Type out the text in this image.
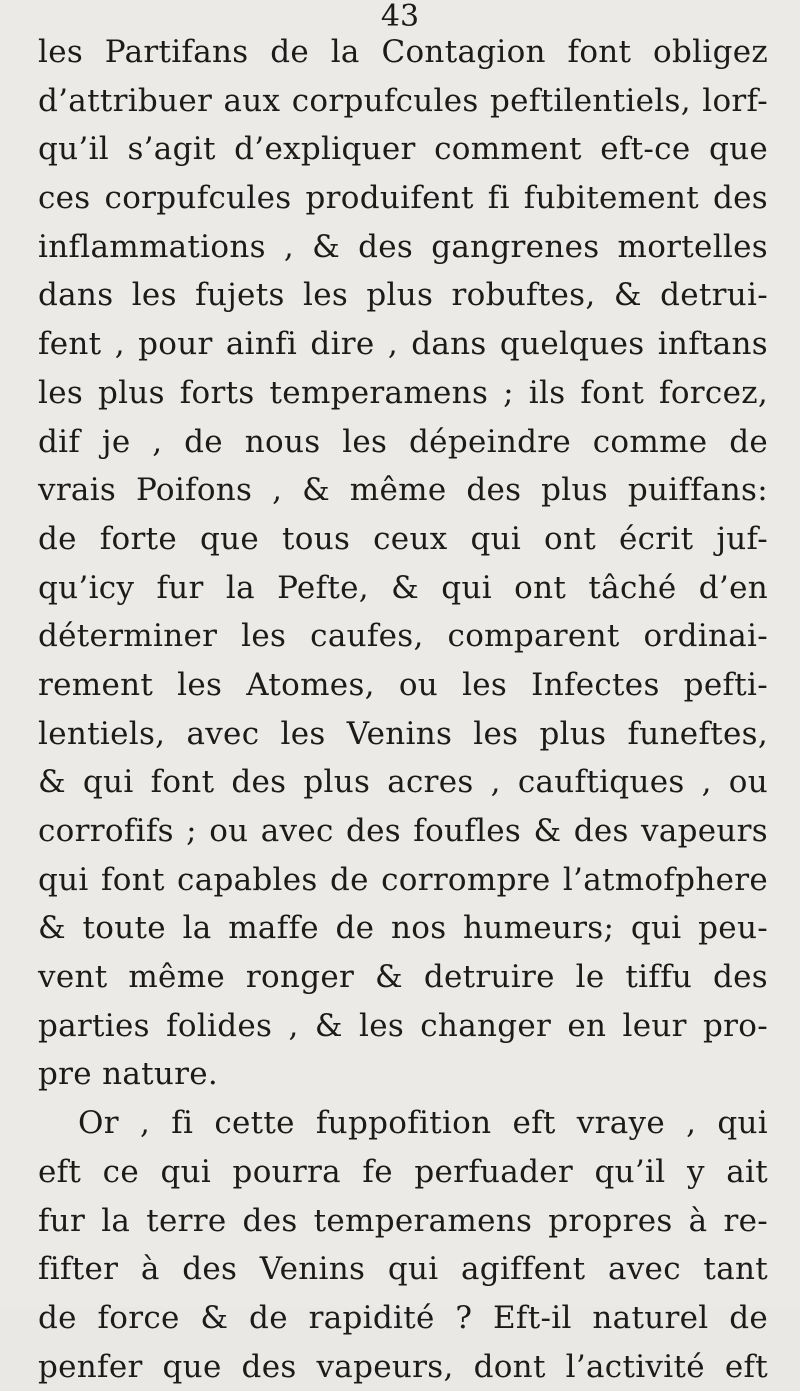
43
les Partifans de la Contagion font obligez
d’attribuer aux corpufcules peftilentiels, lorf-
qu’il s’agit d’expliquer comment eft-ce que
ces corpufcules produifent fi fubitement des
inflammations , & des gangrenes mortelles
dans les fujets les plus robuftes, & detrui-
fent , pour ainfi dire , dans quelques inftans
les plus forts temperamens ; ils font forcez,
dif je , de nous les dépeindre comme de
vrais Poifons , & même des plus puiffans:
de forte que tous ceux qui ont écrit juf-
qu’icy fur la Pefte, & qui ont tâché d’en
déterminer les caufes, comparent ordinai-
rement les Atomes, ou les Infectes pefti-
lentiels, avec les Venins les plus funeftes,
& qui font des plus acres , cauftiques , ou
corrofifs ; ou avec des foufles & des vapeurs
qui font capables de corrompre l’atmofphere
& toute la maffe de nos humeurs; qui peu-
vent même ronger & detruire le tiffu des
parties folides , & les changer en leur pro-
pre nature.
Or , fi cette fuppofition eft vraye , qui
eft ce qui pourra fe perfuader qu’il y ait
fur la terre des temperamens propres à re-
fifter à des Venins qui agiffent avec tant
de force & de rapidité ? Eft-il naturel de
penfer que des vapeurs, dont l’activité eft
